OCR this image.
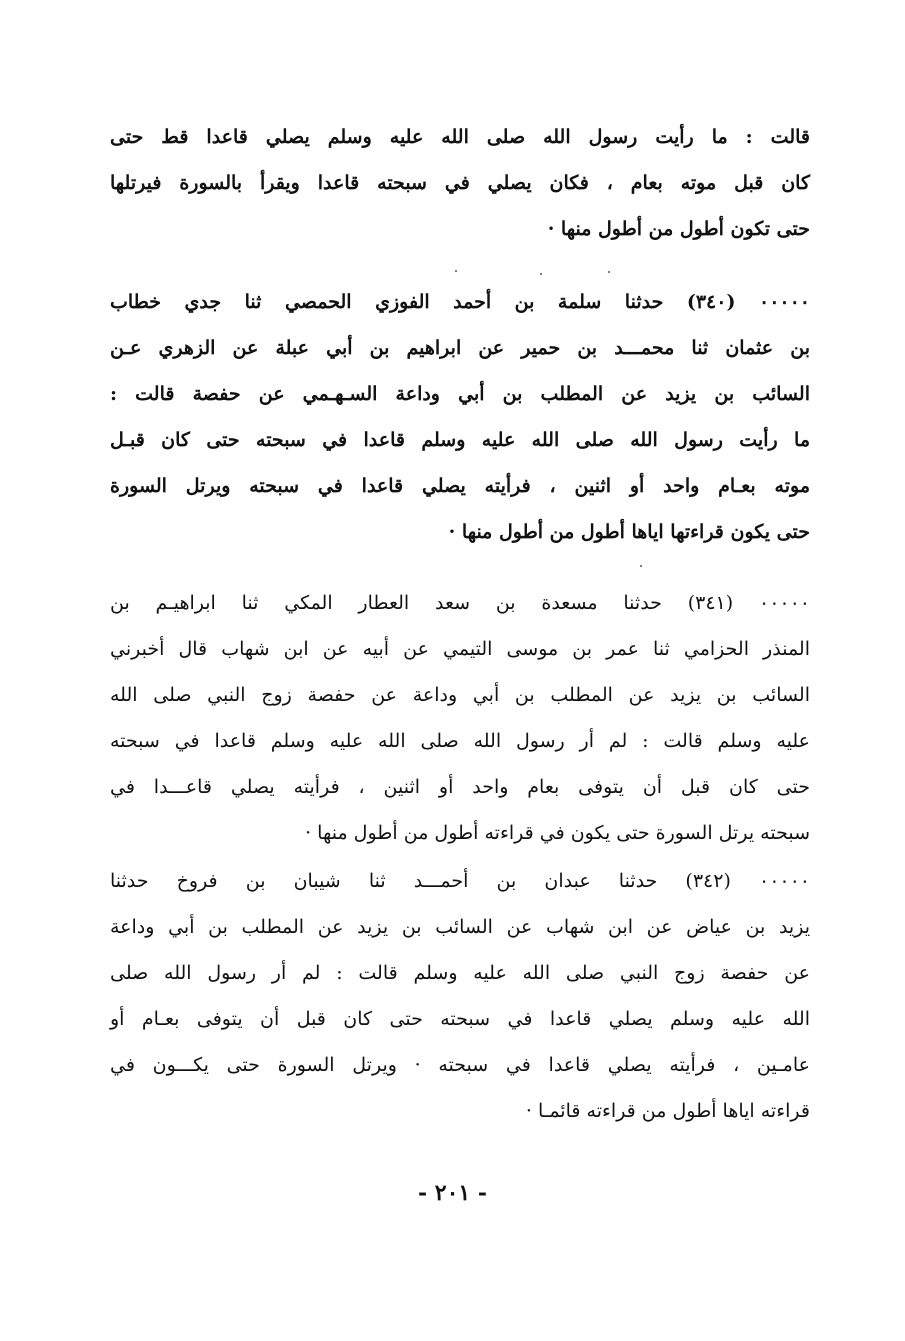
قالت : ما رأيت رسول الله صلى الله عليه وسلم يصلي قاعدا قط حتى
كان قبل موته بعام ، فكان يصلي في سبحته قاعدا ويقرأ بالسورة فيرتلها
حتى تكون أطول من أطول منها ·
٠٠٠٠٠ (٣٤٠) حدثنا سلمة بن أحمد الفوزي الحمصي ثنا جدي خطاب
بن عثمان ثنا محمـــد بن حمير عن ابراهيم بن أبي عبلة عن الزهري عـن
السائب بن يزيد عن المطلب بن أبي وداعة السـهـمي عن حفصة قالت :
ما رأيت رسول الله صلى الله عليه وسلم قاعدا في سبحته حتى كان قبـل
موته بعـام واحد أو اثنين ، فرأيته يصلي قاعدا في سبحته ويرتل السورة
حتى يكون قراءتها اياها أطول من أطول منها ·
٠٠٠٠٠ (٣٤١) حدثنا مسعدة بن سعد العطار المكي ثنا ابراهيـم بن
المنذر الحزامي ثنا عمر بن موسى التيمي عن أبيه عن ابن شهاب قال أخبرني
السائب بن يزيد عن المطلب بن أبي وداعة عن حفصة زوج النبي صلى الله
عليه وسلم قالت : لم أر رسول الله صلى الله عليه وسلم قاعدا في سبحته
حتى كان قبل أن يتوفى بعام واحد أو اثنين ، فرأيته يصلي قاعـــدا في
سبحته يرتل السورة حتى يكون في قراءته أطول من أطول منها ·
٠٠٠٠٠ (٣٤٢) حدثنا عبدان بن أحمـــد ثنا شيبان بن فروخ حدثنا
يزيد بن عياض عن ابن شهاب عن السائب بن يزيد عن المطلب بن أبي وداعة
عن حفصة زوج النبي صلى الله عليه وسلم قالت : لم أر رسول الله صلى
الله عليه وسلم يصلي قاعدا في سبحته حتى كان قبل أن يتوفى بعـام أو
عامـين ، فرأيته يصلي قاعدا في سبحته · ويرتل السورة حتى يكـــون في
قراءته اياها أطول من قراءته قائمـا ·
- ٢٠١ -
